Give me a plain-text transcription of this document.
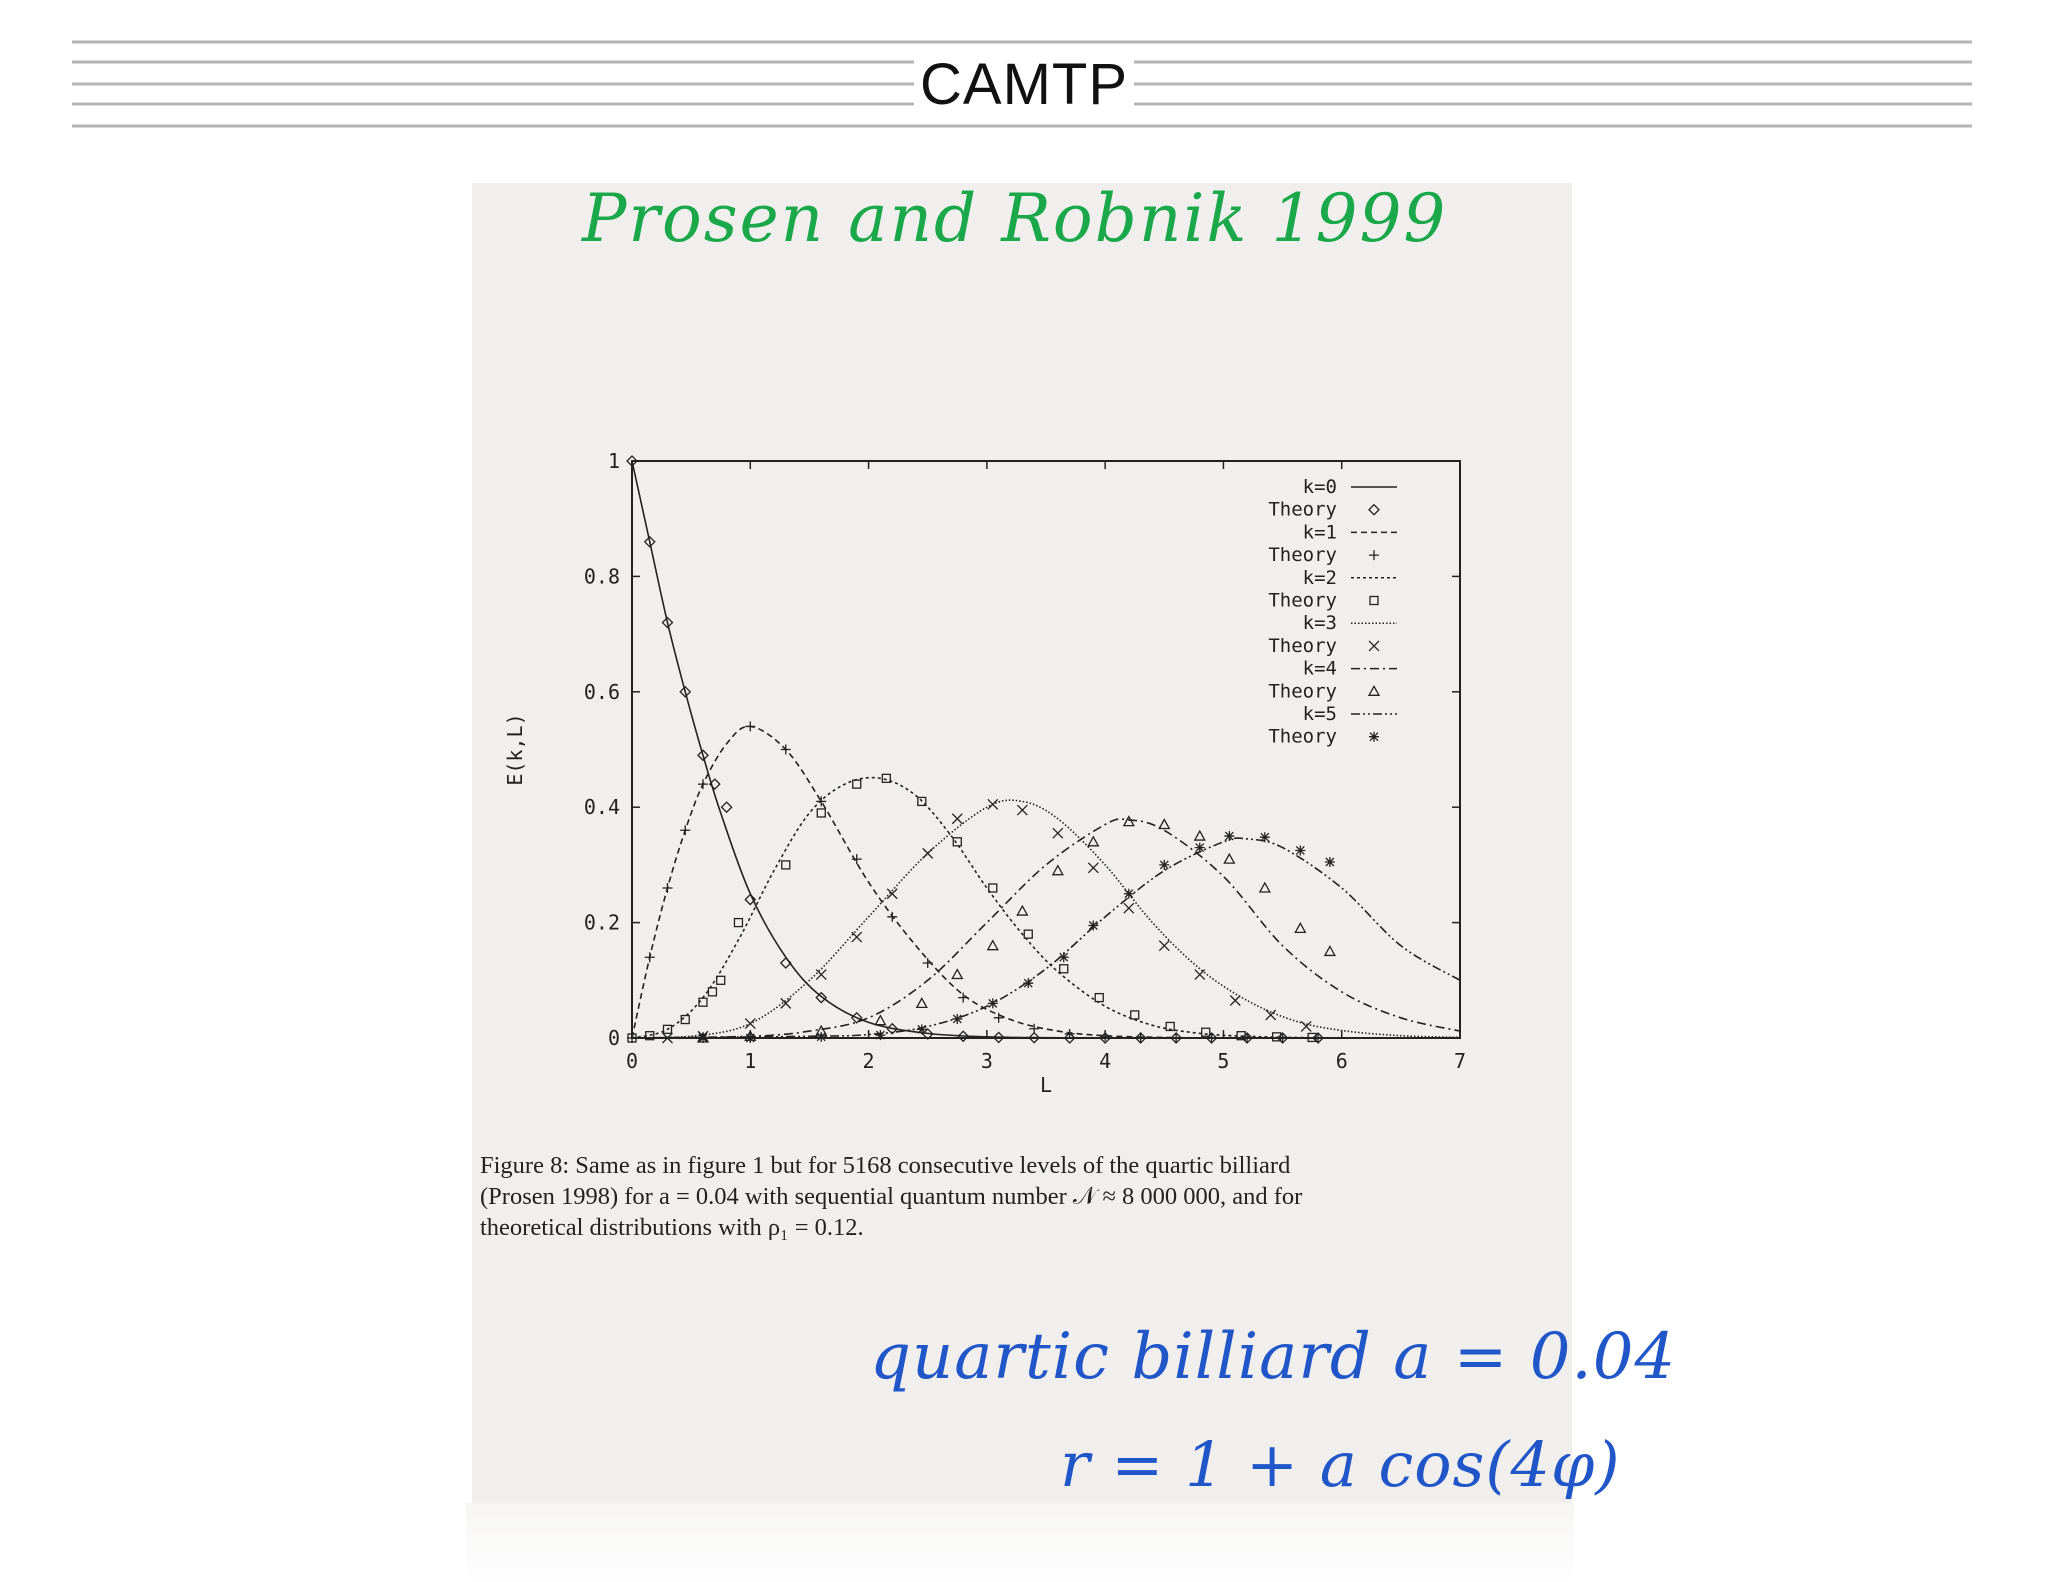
CAMTP
Prosen and Robnik 1999
0	1	2	3	4	5	6	7
0
0.2
0.4
0.6
0.8
1
L
E(k,L)
k=0
Theory
k=1
Theory
k=2
Theory
k=3
Theory
k=4
Theory
k=5
Theory
Figure 8: Same as in figure 1 but for 5168 consecutive levels of the quartic billiard
(Prosen 1998) for a = 0.04 with sequential quantum number 𝒩 ≈ 8 000 000, and for
theoretical distributions with ρ₁ = 0.12.
quartic billiard a = 0.04
r = 1 + a cos(4φ)
